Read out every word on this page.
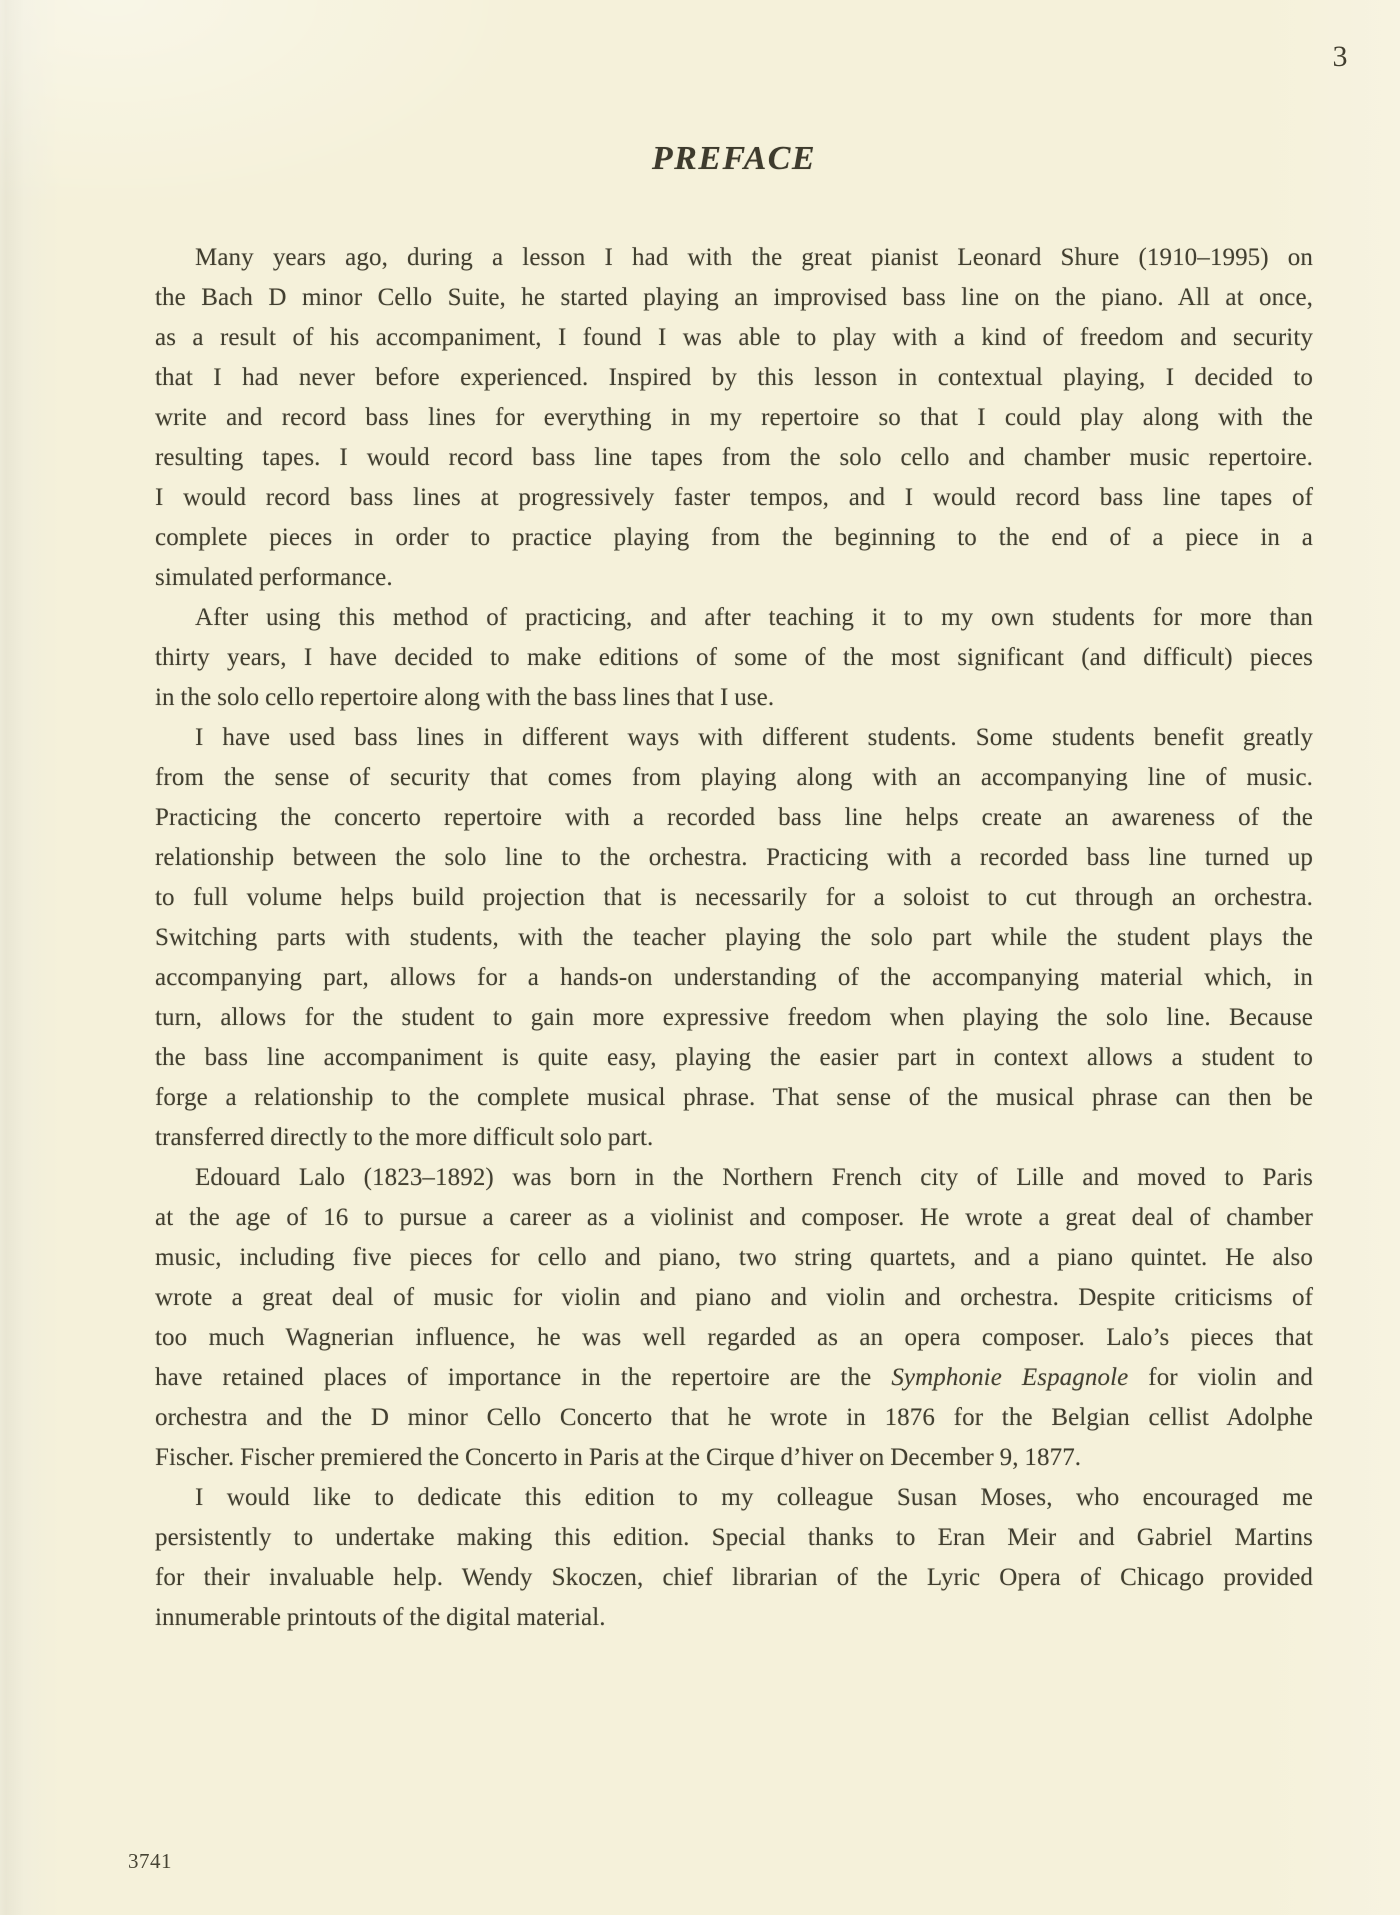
3
PREFACE
Many years ago, during a lesson I had with the great pianist Leonard Shure (1910–1995) on
the Bach D minor Cello Suite, he started playing an improvised bass line on the piano. All at once,
as a result of his accompaniment, I found I was able to play with a kind of freedom and security
that I had never before experienced. Inspired by this lesson in contextual playing, I decided to
write and record bass lines for everything in my repertoire so that I could play along with the
resulting tapes. I would record bass line tapes from the solo cello and chamber music repertoire.
I would record bass lines at progressively faster tempos, and I would record bass line tapes of
complete pieces in order to practice playing from the beginning to the end of a piece in a
simulated performance.
After using this method of practicing, and after teaching it to my own students for more than
thirty years, I have decided to make editions of some of the most significant (and difficult) pieces
in the solo cello repertoire along with the bass lines that I use.
I have used bass lines in different ways with different students. Some students benefit greatly
from the sense of security that comes from playing along with an accompanying line of music.
Practicing the concerto repertoire with a recorded bass line helps create an awareness of the
relationship between the solo line to the orchestra. Practicing with a recorded bass line turned up
to full volume helps build projection that is necessarily for a soloist to cut through an orchestra.
Switching parts with students, with the teacher playing the solo part while the student plays the
accompanying part, allows for a hands-on understanding of the accompanying material which, in
turn, allows for the student to gain more expressive freedom when playing the solo line. Because
the bass line accompaniment is quite easy, playing the easier part in context allows a student to
forge a relationship to the complete musical phrase. That sense of the musical phrase can then be
transferred directly to the more difficult solo part.
Edouard Lalo (1823–1892) was born in the Northern French city of Lille and moved to Paris
at the age of 16 to pursue a career as a violinist and composer. He wrote a great deal of chamber
music, including five pieces for cello and piano, two string quartets, and a piano quintet. He also
wrote a great deal of music for violin and piano and violin and orchestra. Despite criticisms of
too much Wagnerian influence, he was well regarded as an opera composer. Lalo’s pieces that
have retained places of importance in the repertoire are the Symphonie Espagnole for violin and
orchestra and the D minor Cello Concerto that he wrote in 1876 for the Belgian cellist Adolphe
Fischer. Fischer premiered the Concerto in Paris at the Cirque d’hiver on December 9, 1877.
I would like to dedicate this edition to my colleague Susan Moses, who encouraged me
persistently to undertake making this edition. Special thanks to Eran Meir and Gabriel Martins
for their invaluable help. Wendy Skoczen, chief librarian of the Lyric Opera of Chicago provided
innumerable printouts of the digital material.
3741
